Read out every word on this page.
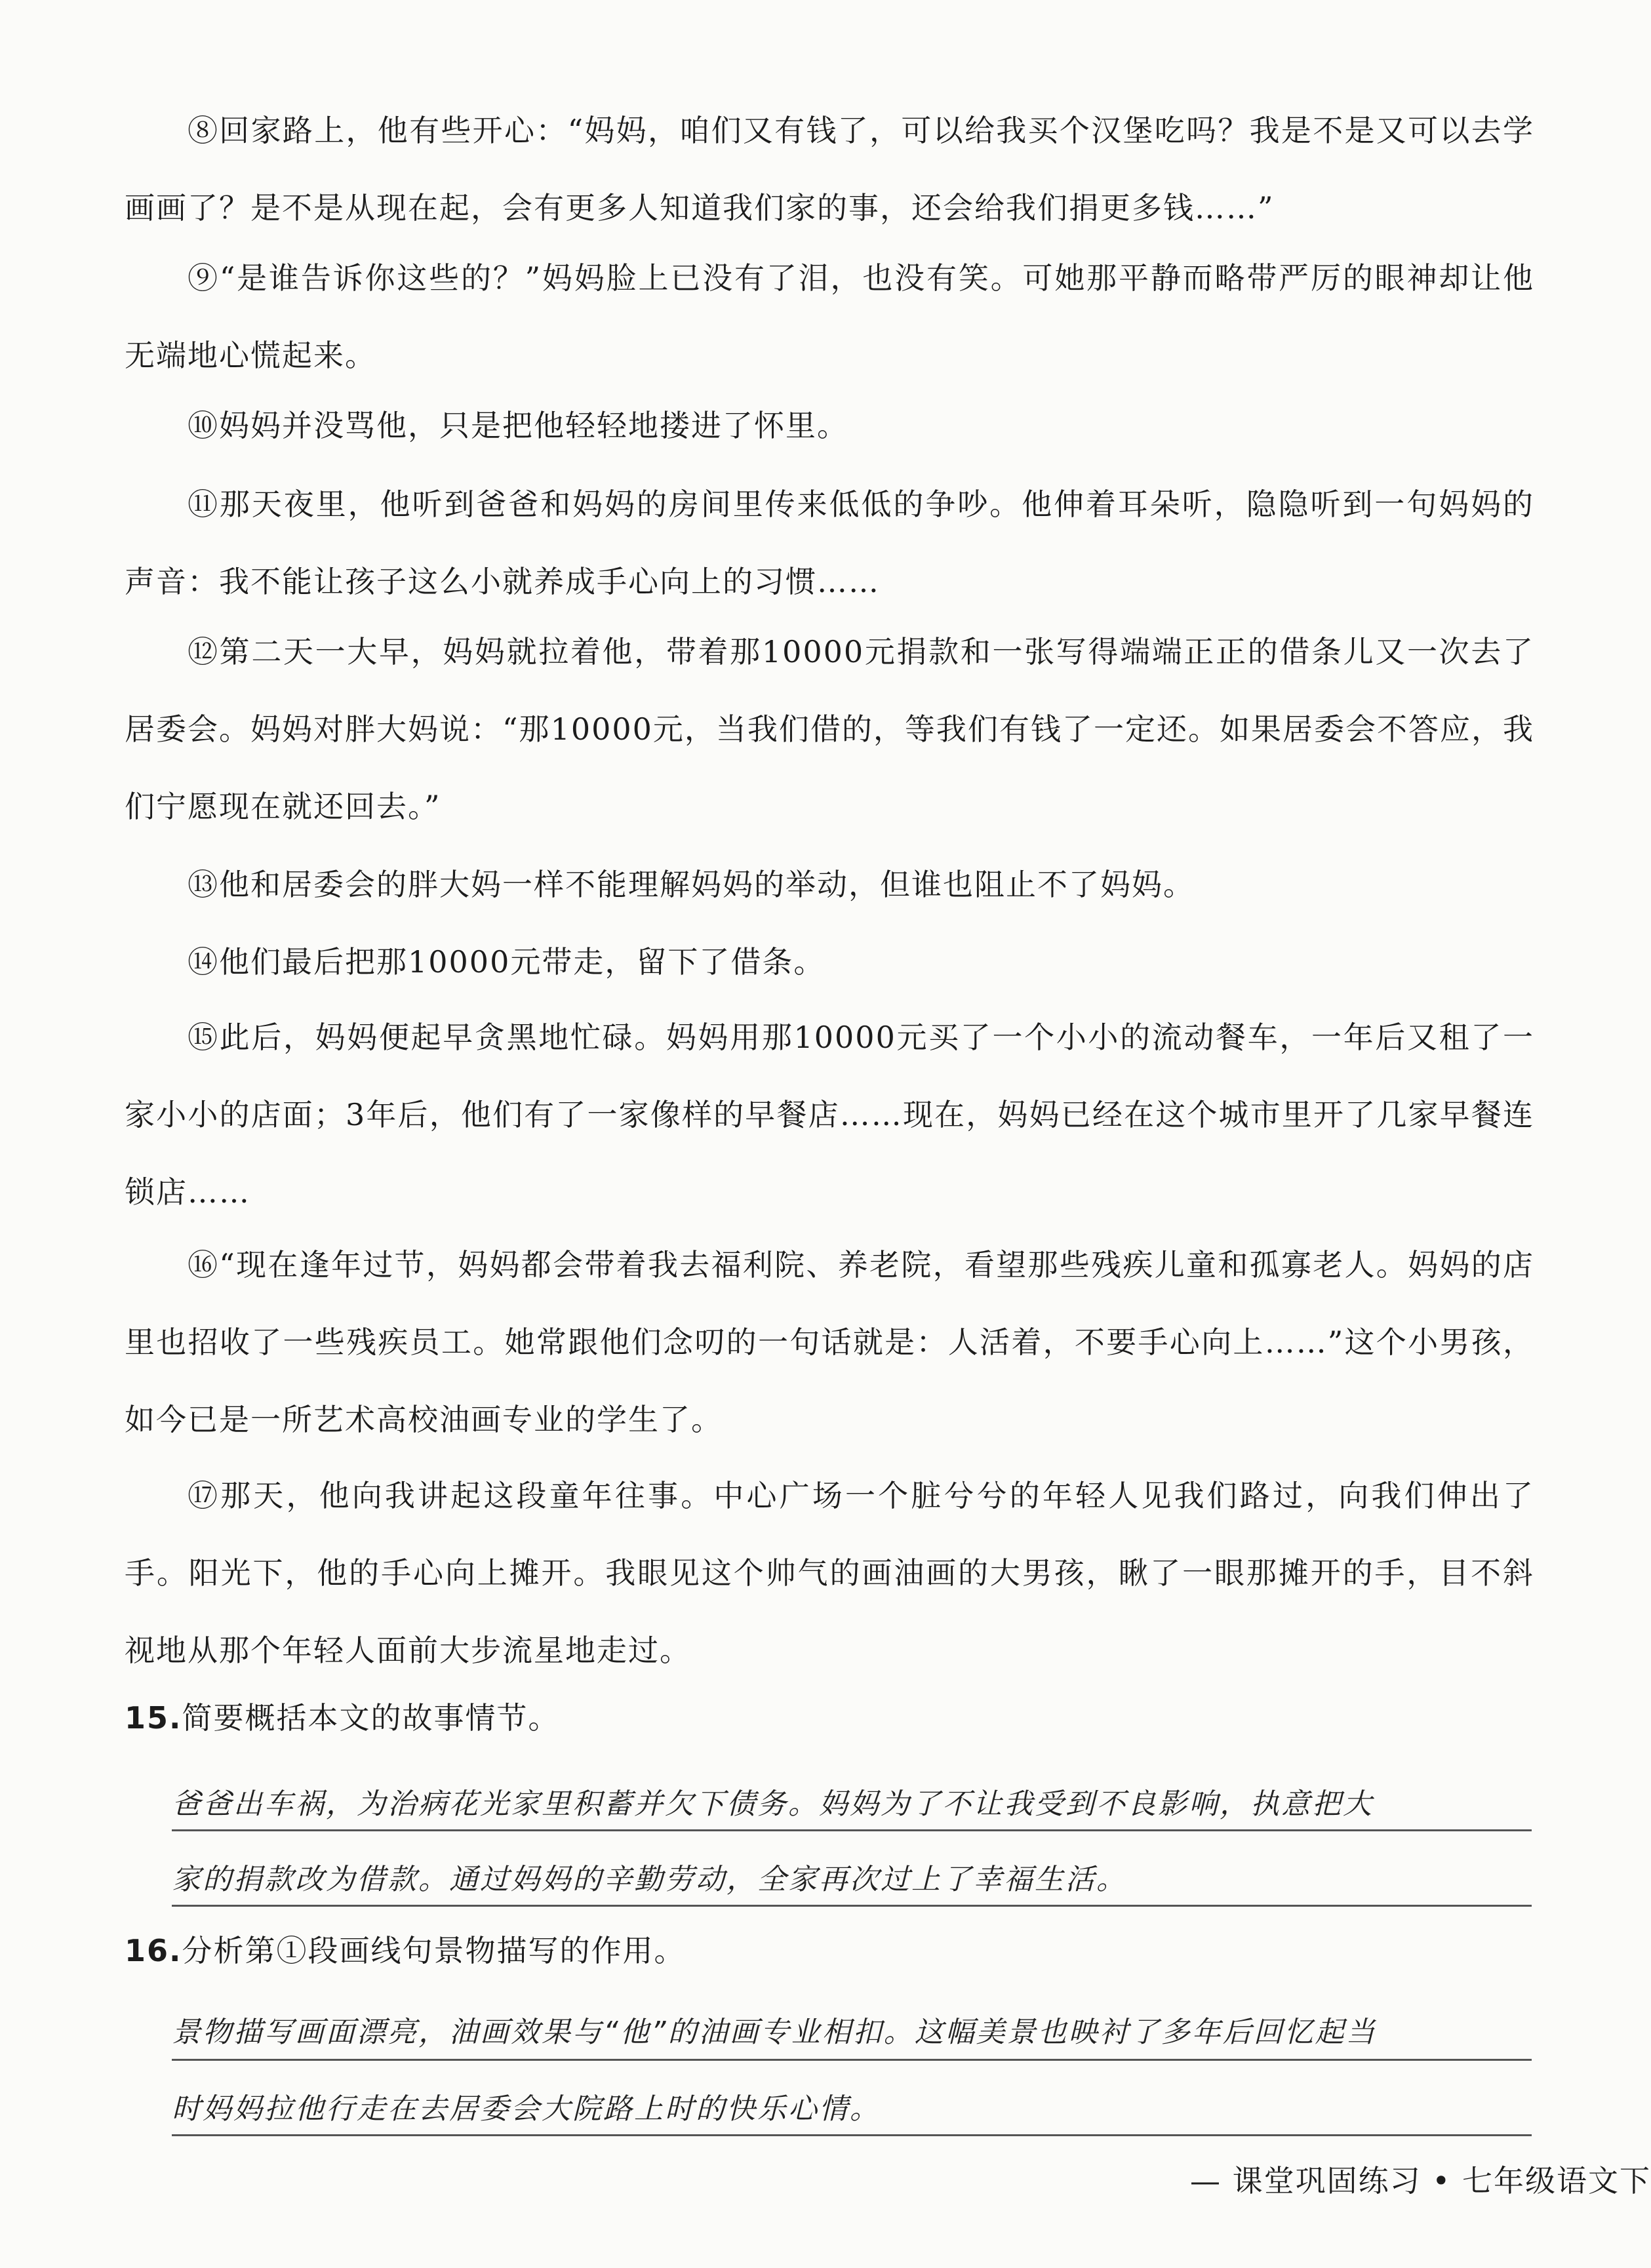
⑧回家路上，他有些开心：“妈妈，咱们又有钱了，可以给我买个汉堡吃吗？我是不是又可以去学画画了？是不是从现在起，会有更多人知道我们家的事，还会给我们捐更多钱……”

⑨“是谁告诉你这些的？”妈妈脸上已没有了泪，也没有笑。可她那平静而略带严厉的眼神却让他无端地心慌起来。

⑩妈妈并没骂他，只是把他轻轻地搂进了怀里。

⑪那天夜里，他听到爸爸和妈妈的房间里传来低低的争吵。他伸着耳朵听，隐隐听到一句妈妈的声音：我不能让孩子这么小就养成手心向上的习惯……

⑫第二天一大早，妈妈就拉着他，带着那10000元捐款和一张写得端端正正的借条儿又一次去了居委会。妈妈对胖大妈说：“那10000元，当我们借的，等我们有钱了一定还。如果居委会不答应，我们宁愿现在就还回去。”

⑬他和居委会的胖大妈一样不能理解妈妈的举动，但谁也阻止不了妈妈。

⑭他们最后把那10000元带走，留下了借条。

⑮此后，妈妈便起早贪黑地忙碌。妈妈用那10000元买了一个小小的流动餐车，一年后又租了一家小小的店面；3年后，他们有了一家像样的早餐店……现在，妈妈已经在这个城市里开了几家早餐连锁店……

⑯“现在逢年过节，妈妈都会带着我去福利院、养老院，看望那些残疾儿童和孤寡老人。妈妈的店里也招收了一些残疾员工。她常跟他们念叨的一句话就是：人活着，不要手心向上……”这个小男孩，如今已是一所艺术高校油画专业的学生了。

⑰那天，他向我讲起这段童年往事。中心广场一个脏兮兮的年轻人见我们路过，向我们伸出了手。阳光下，他的手心向上摊开。我眼见这个帅气的画油画的大男孩，瞅了一眼那摊开的手，目不斜视地从那个年轻人面前大步流星地走过。

15.简要概括本文的故事情节。

爸爸出车祸，为治病花光家里积蓄并欠下债务。妈妈为了不让我受到不良影响，执意把大

家的捐款改为借款。通过妈妈的辛勤劳动，全家再次过上了幸福生活。

16.分析第①段画线句景物描写的作用。

景物描写画面漂亮，油画效果与“他”的油画专业相扣。这幅美景也映衬了多年后回忆起当

时妈妈拉他行走在去居委会大院路上时的快乐心情。

— 课堂巩固练习 • 七年级语文下
